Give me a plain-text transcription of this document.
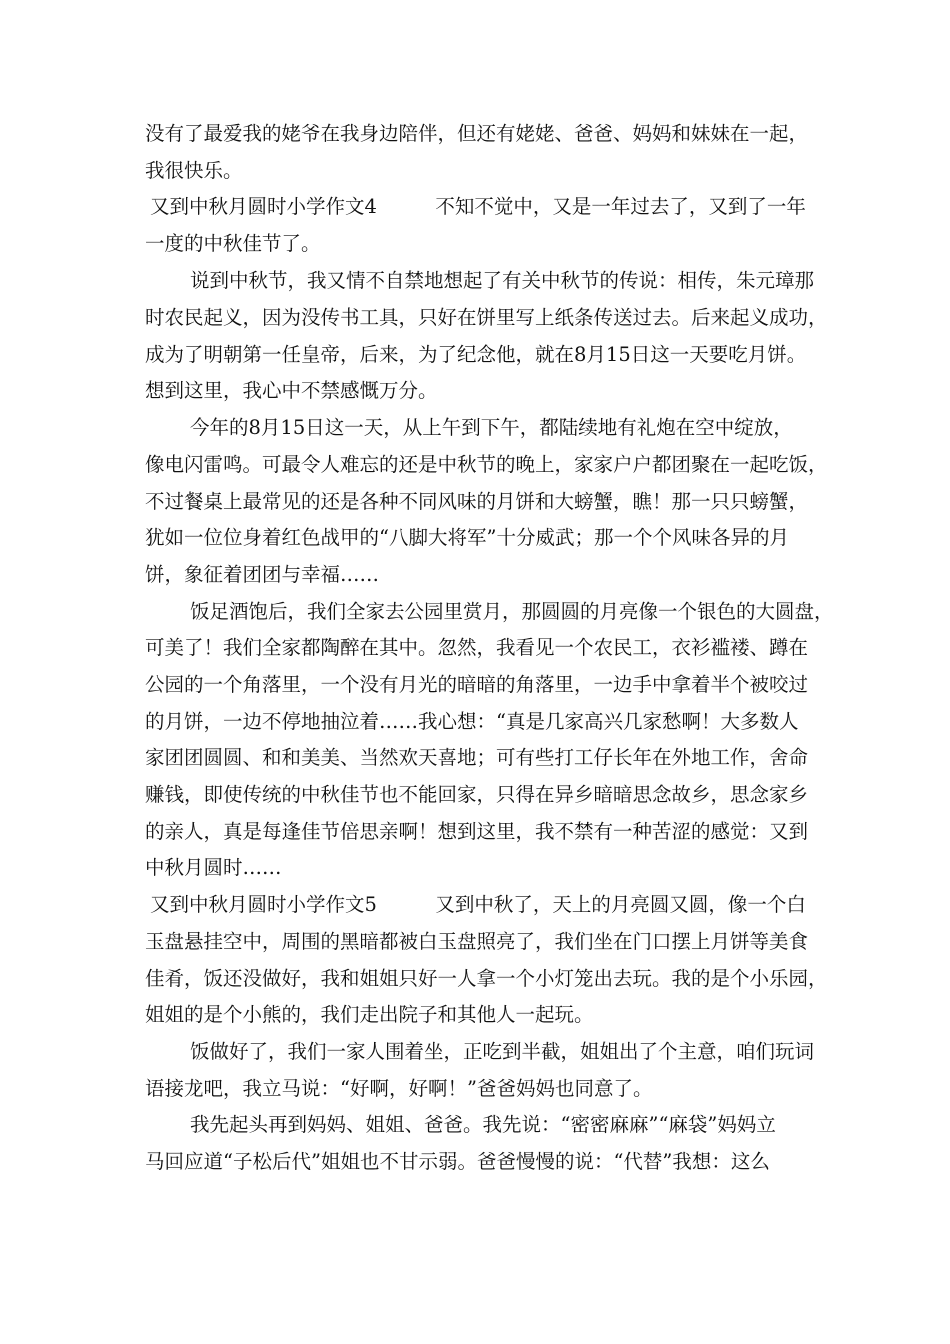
没有了最爱我的姥爷在我身边陪伴，但还有姥姥、爸爸、妈妈和妹妹在一起，
我很快乐。
又到中秋月圆时小学作文4　　　不知不觉中，又是一年过去了，又到了一年
一度的中秋佳节了。
说到中秋节，我又情不自禁地想起了有关中秋节的传说：相传，朱元璋那
时农民起义，因为没传书工具，只好在饼里写上纸条传送过去。后来起义成功，
成为了明朝第一任皇帝，后来，为了纪念他，就在8月15日这一天要吃月饼。
想到这里，我心中不禁感慨万分。
今年的8月15日这一天，从上午到下午，都陆续地有礼炮在空中绽放，
像电闪雷鸣。可最令人难忘的还是中秋节的晚上，家家户户都团聚在一起吃饭，
不过餐桌上最常见的还是各种不同风味的月饼和大螃蟹，瞧！那一只只螃蟹，
犹如一位位身着红色战甲的“八脚大将军”十分威武；那一个个风味各异的月
饼，象征着团团与幸福……
饭足酒饱后，我们全家去公园里赏月，那圆圆的月亮像一个银色的大圆盘，
可美了！我们全家都陶醉在其中。忽然，我看见一个农民工，衣衫褴褛、蹲在
公园的一个角落里，一个没有月光的暗暗的角落里，一边手中拿着半个被咬过
的月饼，一边不停地抽泣着……我心想：“真是几家高兴几家愁啊！大多数人
家团团圆圆、和和美美、当然欢天喜地；可有些打工仔长年在外地工作，舍命
赚钱，即使传统的中秋佳节也不能回家，只得在异乡暗暗思念故乡，思念家乡
的亲人，真是每逢佳节倍思亲啊！想到这里，我不禁有一种苦涩的感觉：又到
中秋月圆时……
又到中秋月圆时小学作文5　　　又到中秋了，天上的月亮圆又圆，像一个白
玉盘悬挂空中，周围的黑暗都被白玉盘照亮了，我们坐在门口摆上月饼等美食
佳肴，饭还没做好，我和姐姐只好一人拿一个小灯笼出去玩。我的是个小乐园，
姐姐的是个小熊的，我们走出院子和其他人一起玩。
饭做好了，我们一家人围着坐，正吃到半截，姐姐出了个主意，咱们玩词
语接龙吧，我立马说：“好啊，好啊！”爸爸妈妈也同意了。
我先起头再到妈妈、姐姐、爸爸。我先说：“密密麻麻”“麻袋”妈妈立
马回应道“子松后代”姐姐也不甘示弱。爸爸慢慢的说：“代替”我想：这么
